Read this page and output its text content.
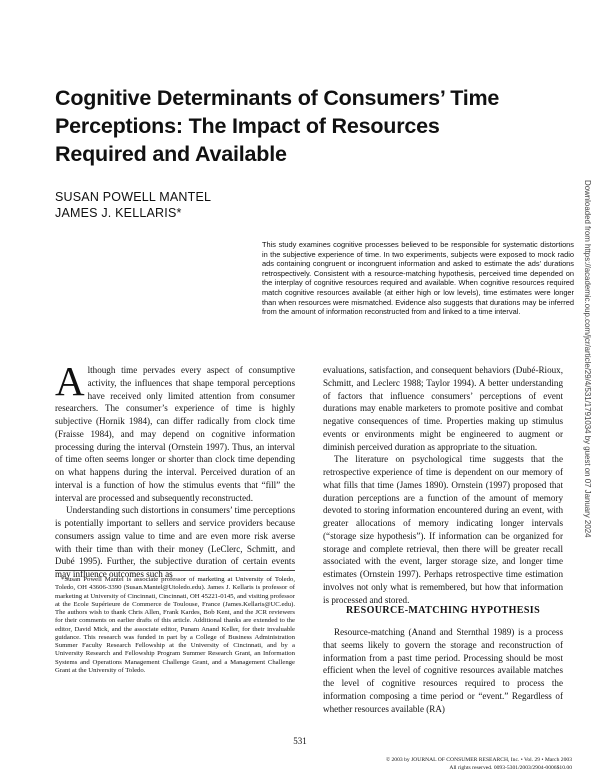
Cognitive Determinants of Consumers’ Time Perceptions: The Impact of Resources Required and Available
SUSAN POWELL MANTEL
JAMES J. KELLARIS*
This study examines cognitive processes believed to be responsible for systematic distortions in the subjective experience of time. In two experiments, subjects were exposed to mock radio ads containing congruent or incongruent information and asked to estimate the ads’ durations retrospectively. Consistent with a resource-matching hypothesis, perceived time depended on the interplay of cognitive resources required and available. When cognitive resources required match cognitive resources available (at either high or low levels), time estimates were longer than when resources were mismatched. Evidence also suggests that durations may be inferred from the amount of information reconstructed from and linked to a time interval.

Although time pervades every aspect of consumptive activity, the influences that shape temporal perceptions have received only limited attention from consumer researchers. The consumer’s experience of time is highly subjective (Hornik 1984), can differ radically from clock time (Fraisse 1984), and may depend on cognitive information processing during the interval (Ornstein 1997). Thus, an interval of time often seems longer or shorter than clock time depending on what happens during the interval. Perceived duration of an interval is a function of how the stimulus events that “fill” the interval are processed and subsequently reconstructed.

Understanding such distortions in consumers’ time perceptions is potentially important to sellers and service providers because consumers assign value to time and are even more risk averse with their time than with their money (LeClerc, Schmitt, and Dubé 1995). Further, the subjective duration of certain events may influence outcomes such as

*Susan Powell Mantel is associate professor of marketing at University of Toledo, Toledo, OH 43606-3390 (Susan.Mantel@Utoledo.edu). James J. Kellaris is professor of marketing at University of Cincinnati, Cincinnati, OH 45221-0145, and visiting professor at the Ecole Supérieure de Commerce de Toulouse, France (James.Kellaris@UC.edu). The authors wish to thank Chris Allen, Frank Kardes, Bob Kent, and the JCR reviewers for their comments on earlier drafts of this article. Additional thanks are extended to the editor, David Mick, and the associate editor, Punam Anand Keller, for their invaluable guidance. This research was funded in part by a College of Business Administration Summer Faculty Research Fellowship at the University of Cincinnati, and by a University Research and Fellowship Program Summer Research Grant, an Information Systems and Operations Management Challenge Grant, and a Management Challenge Grant at the University of Toledo.

evaluations, satisfaction, and consequent behaviors (Dubé-Rioux, Schmitt, and Leclerc 1988; Taylor 1994). A better understanding of factors that influence consumers’ perceptions of event durations may enable marketers to promote positive and combat negative consequences of time. Properties making up stimulus events or environments might be engineered to augment or diminish perceived duration as appropriate to the situation.

The literature on psychological time suggests that the retrospective experience of time is dependent on our memory of what fills that time (James 1890). Ornstein (1997) proposed that duration perceptions are a function of the amount of memory devoted to storing information encountered during an event, with greater allocations of memory indicating longer intervals (“storage size hypothesis”). If information can be organized for storage and complete retrieval, then there will be greater recall associated with the event, larger storage size, and longer time estimates (Ornstein 1997). Perhaps retrospective time estimation involves not only what is remembered, but how that information is processed and stored.

RESOURCE-MATCHING HYPOTHESIS

Resource-matching (Anand and Sternthal 1989) is a process that seems likely to govern the storage and reconstruction of information from a past time period. Processing should be most efficient when the level of cognitive resources available matches the level of cognitive resources required to process the information composing a time period or “event.” Regardless of whether resources available (RA)

531
© 2003 by JOURNAL OF CONSUMER RESEARCH, Inc. • Vol. 29 • March 2003
All rights reserved. 0093-5301/2003/2904-0006$10.00
Downloaded from https://academic.oup.com/jcr/article/29/4/531/1791034 by guest on 07 January 2024
